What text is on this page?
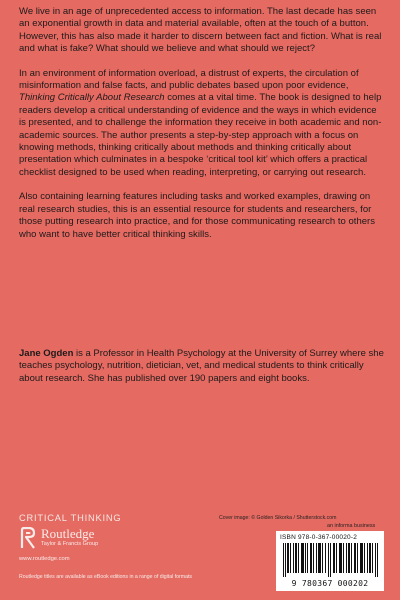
We live in an age of unprecedented access to information. The last decade has seen an exponential growth in data and material available, often at the touch of a button. However, this has also made it harder to discern between fact and fiction. What is real and what is fake? What should we believe and what should we reject?

In an environment of information overload, a distrust of experts, the circulation of misinformation and false facts, and public debates based upon poor evidence, Thinking Critically About Research comes at a vital time. The book is designed to help readers develop a critical understanding of evidence and the ways in which evidence is presented, and to challenge the information they receive in both academic and non-academic sources. The author presents a step-by-step approach with a focus on knowing methods, thinking critically about methods and thinking critically about presentation which culminates in a bespoke ‘critical tool kit’ which offers a practical checklist designed to be used when reading, interpreting, or carrying out research.

Also containing learning features including tasks and worked examples, drawing on real research studies, this is an essential resource for students and researchers, for those putting research into practice, and for those communicating research to others who want to have better critical thinking skills.

Jane Ogden is a Professor in Health Psychology at the University of Surrey where she teaches psychology, nutrition, dietician, vet, and medical students to think critically about research. She has published over 190 papers and eight books.
CRITICAL THINKING	Cover image: © Golden Sikorka / Shutterstock.com
Routledge
Taylor & Francis Group
www.routledge.com
Routledge titles are available as eBook editions in a range of digital formats
an informa business
ISBN 978-0-367-00020-2
9 780367 000202
